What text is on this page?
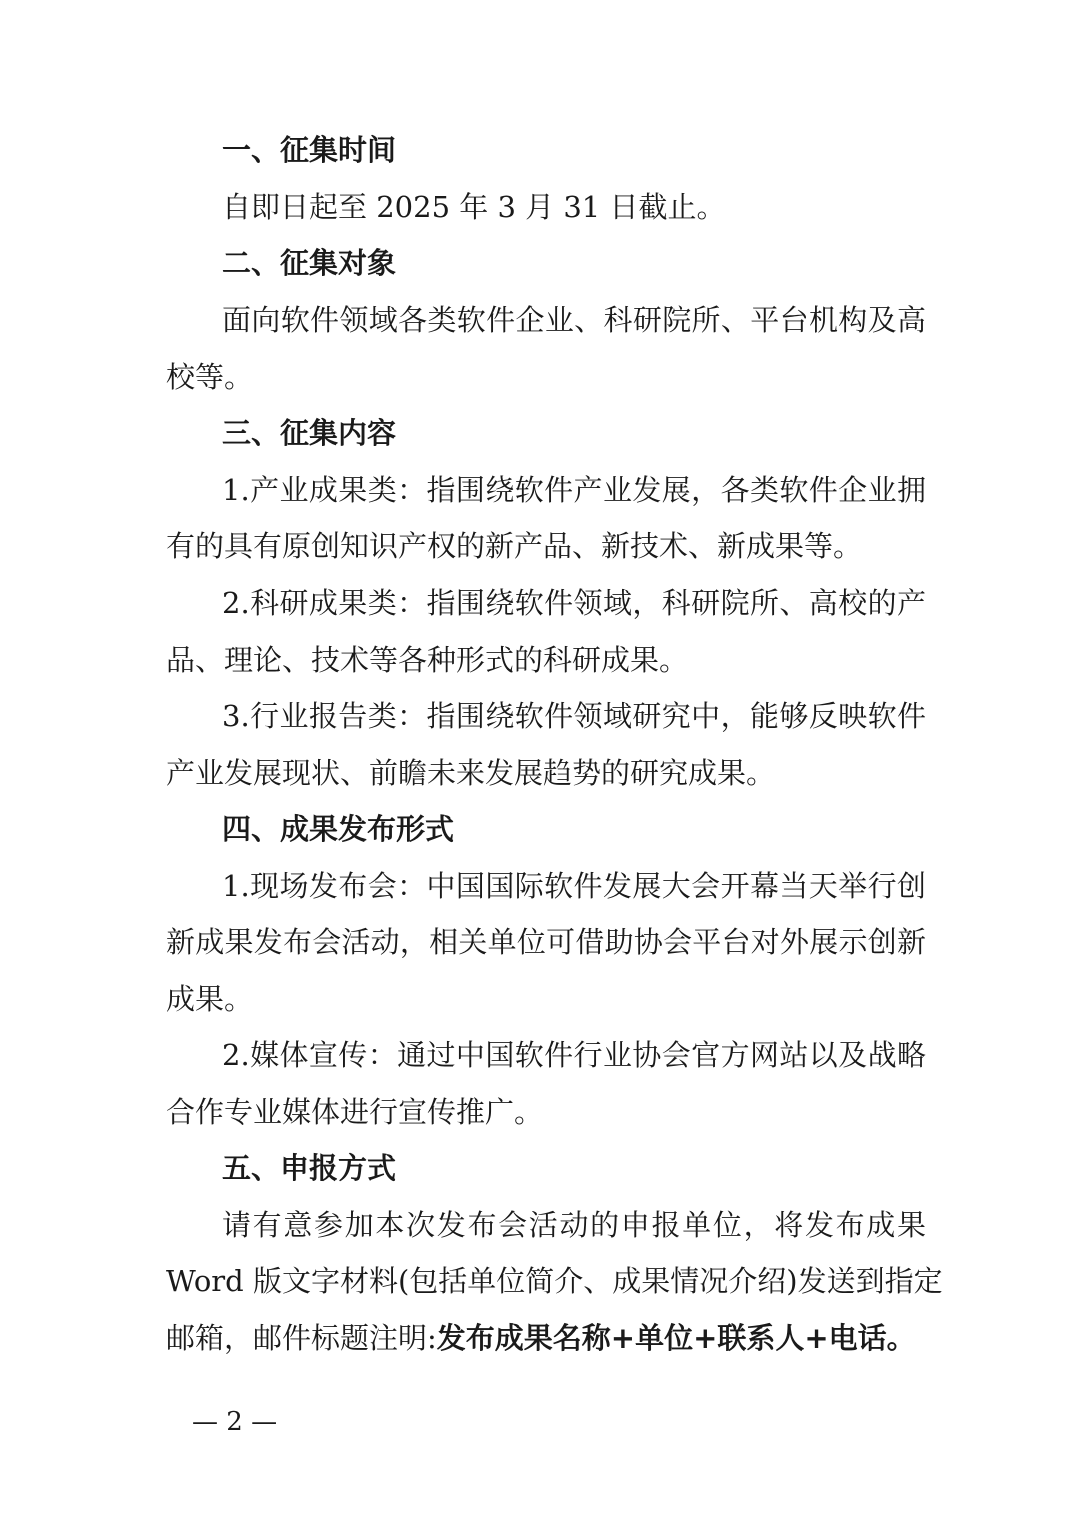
一、征集时间
自即日起至 2025 年 3 月 31 日截止。
二、征集对象
面向软件领域各类软件企业、科研院所、平台机构及高
校等。
三、征集内容
1.产业成果类：指围绕软件产业发展，各类软件企业拥
有的具有原创知识产权的新产品、新技术、新成果等。
2.科研成果类：指围绕软件领域，科研院所、高校的产
品、理论、技术等各种形式的科研成果。
3.行业报告类：指围绕软件领域研究中，能够反映软件
产业发展现状、前瞻未来发展趋势的研究成果。
四、成果发布形式
1.现场发布会：中国国际软件发展大会开幕当天举行创
新成果发布会活动，相关单位可借助协会平台对外展示创新
成果。
2.媒体宣传：通过中国软件行业协会官方网站以及战略
合作专业媒体进行宣传推广。
五、申报方式
请有意参加本次发布会活动的申报单位，将发布成果
Word 版文字材料(包括单位简介、成果情况介绍)发送到指定
邮箱，邮件标题注明:发布成果名称+单位+联系人+电话。
— 2 —
